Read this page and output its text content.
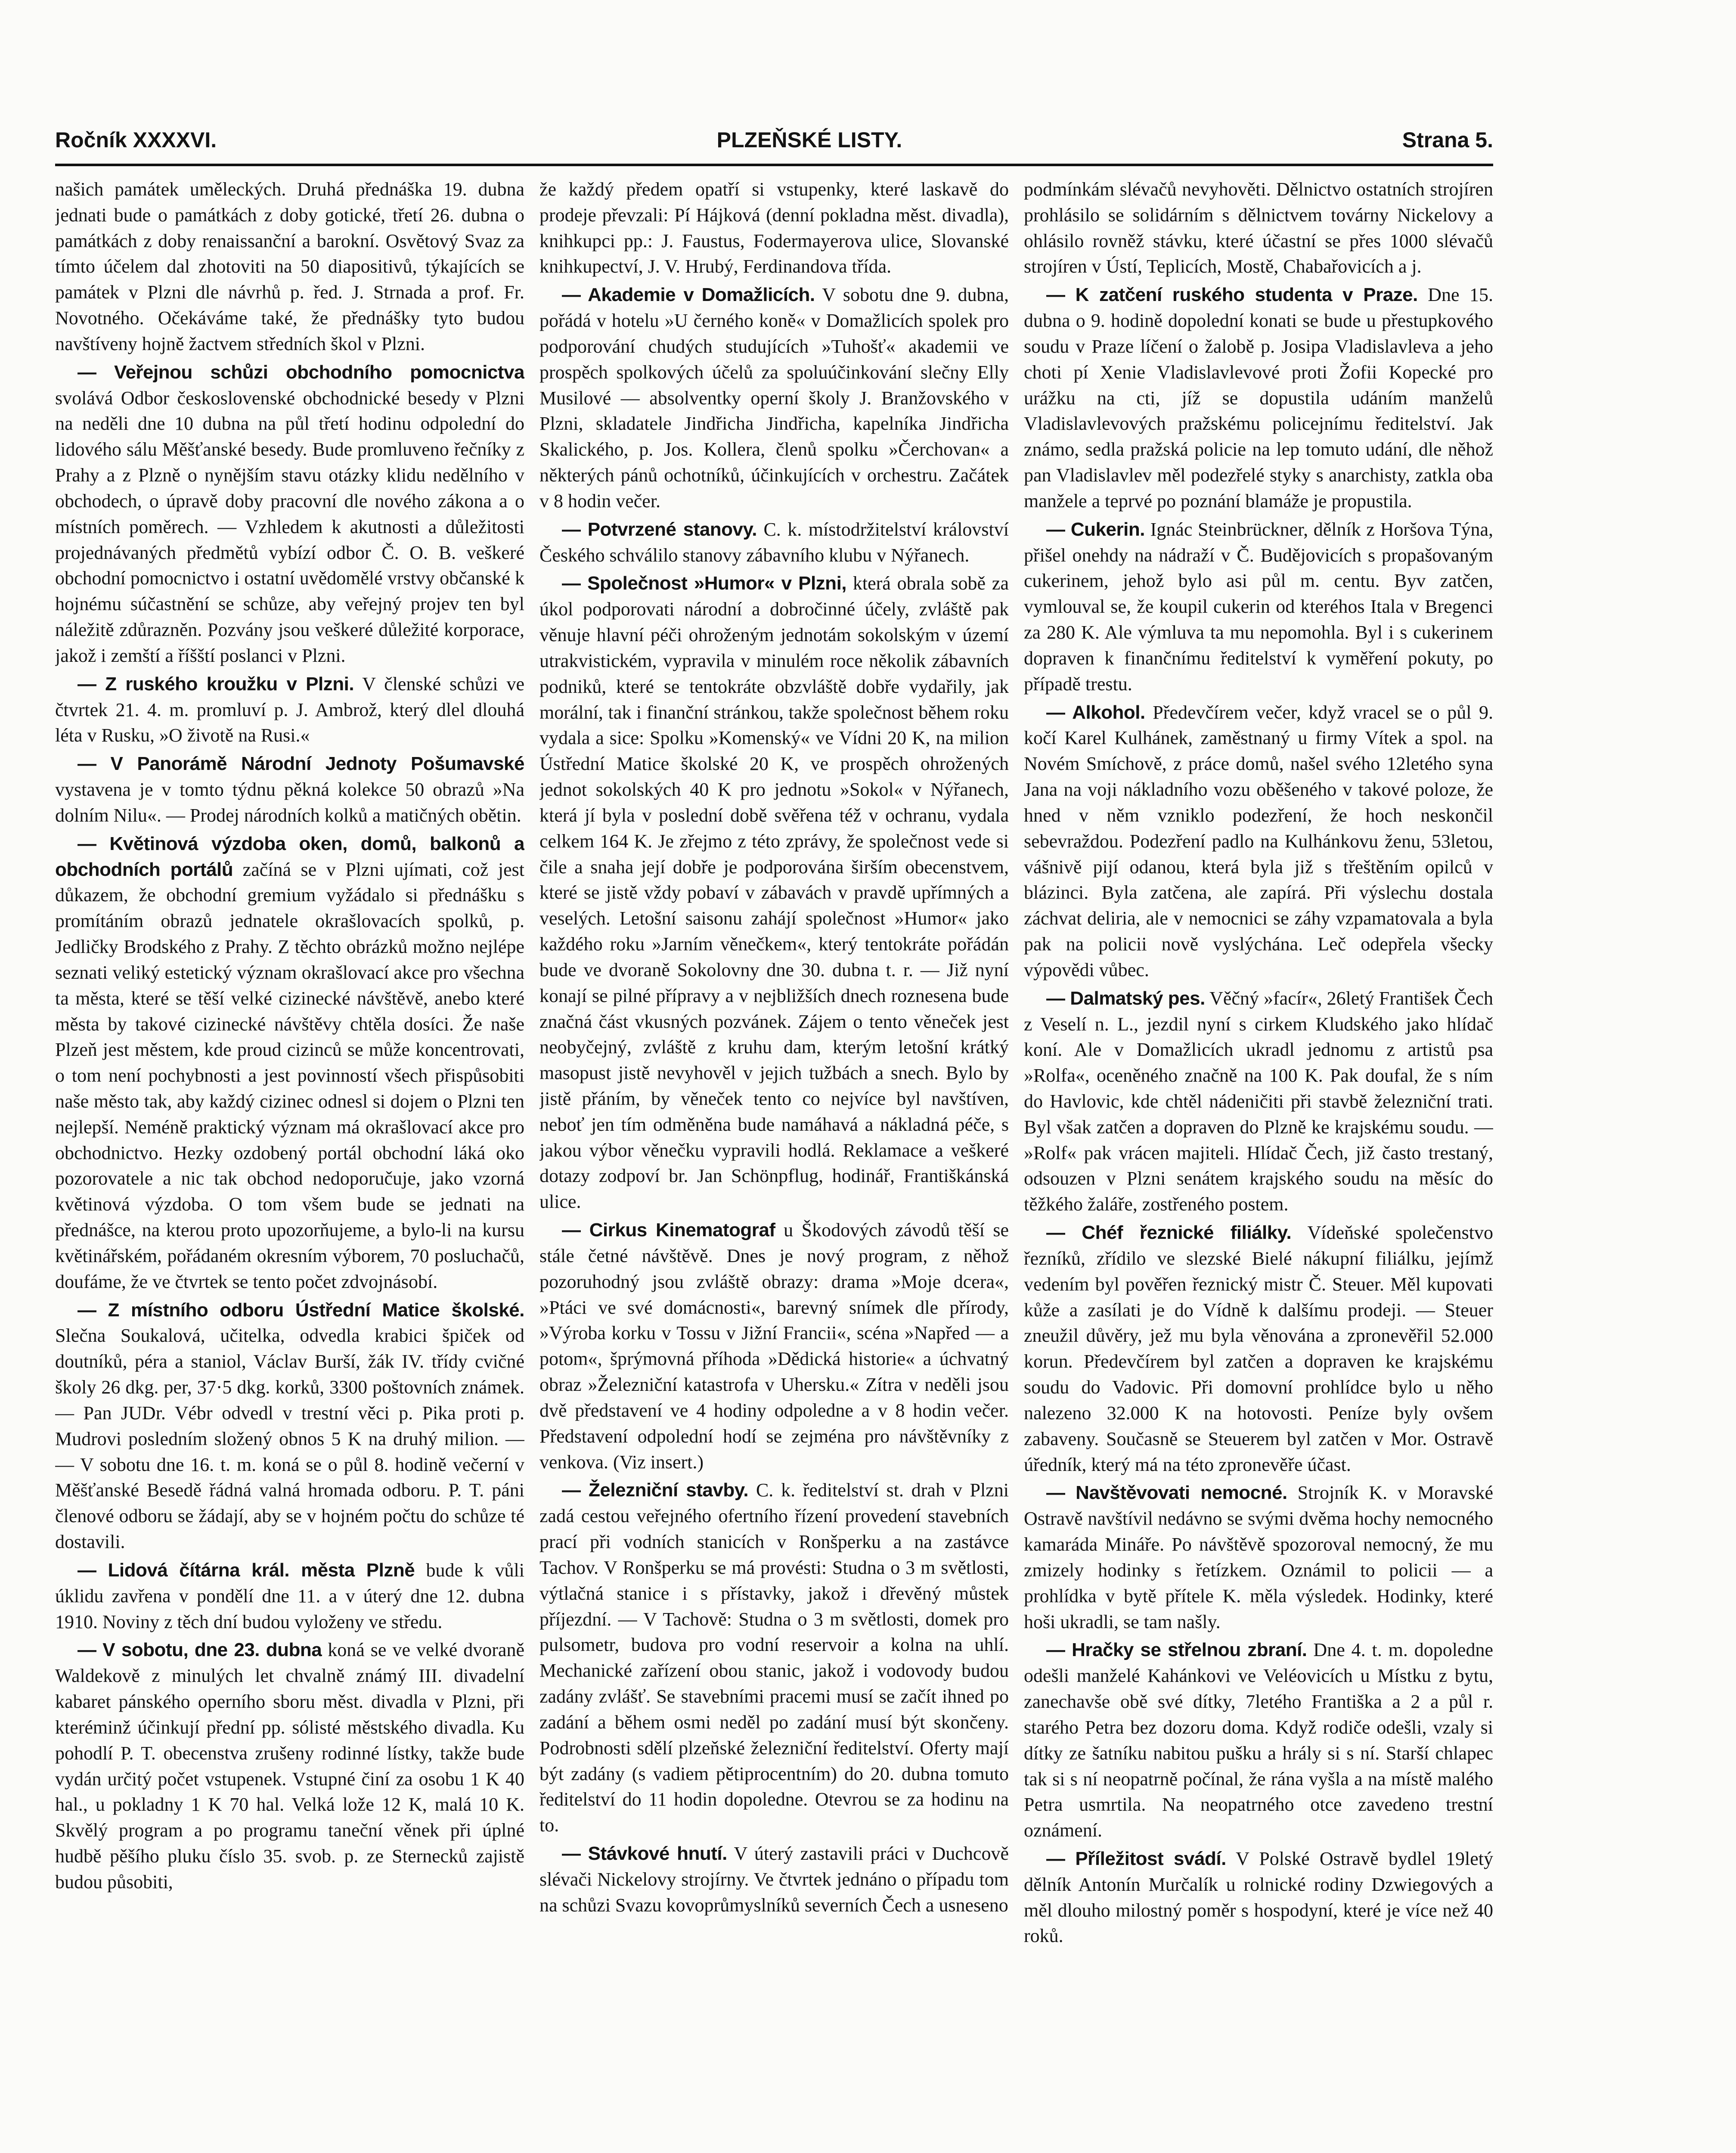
Ročník XXXXVI.	PLZEŇSKÉ LISTY.	Strana 5.

našich památek uměleckých. Druhá přednáška 19. dubna jednati bude o památkách z doby gotické, třetí 26. dubna o památkách z doby renaissanční a barokní. Osvětový Svaz za tímto účelem dal zhotoviti na 50 diapositivů, týkajících se památek v Plzni dle návrhů p. řed. J. Strnada a prof. Fr. Novotného. Očekáváme také, že přednášky tyto budou navštíveny hojně žactvem středních škol v Plzni.

— Veřejnou schůzi obchodního pomocnictva svolává Odbor československé obchodnické besedy v Plzni na neděli dne 10 dubna na půl třetí hodinu odpolední do lidového sálu Měšťanské besedy. Bude promluveno řečníky z Prahy a z Plzně o nynějším stavu otázky klidu nedělního v obchodech, o úpravě doby pracovní dle nového zákona a o místních poměrech. — Vzhledem k akutnosti a důležitosti projednávaných předmětů vybízí odbor Č. O. B. veškeré obchodní pomocnictvo i ostatní uvědomělé vrstvy občanské k hojnému súčastnění se schůze, aby veřejný projev ten byl náležitě zdůrazněn. Pozvány jsou veškeré důležité korporace, jakož i zemští a říšští poslanci v Plzni.

— Z ruského kroužku v Plzni. V členské schůzi ve čtvrtek 21. 4. m. promluví p. J. Ambrož, který dlel dlouhá léta v Rusku, »O životě na Rusi.«

— V Panorámě Národní Jednoty Pošumavské vystavena je v tomto týdnu pěkná kolekce 50 obrazů »Na dolním Nilu«. — Prodej národních kolků a matičných obětin.

— Květinová výzdoba oken, domů, balkonů a obchodních portálů začíná se v Plzni ujímati, což jest důkazem, že obchodní gremium vyžádalo si přednášku s promítáním obrazů jednatele okrašlovacích spolků, p. Jedličky Brodského z Prahy. Z těchto obrázků možno nejlépe seznati veliký estetický význam okrašlovací akce pro všechna ta města, které se těší velké cizinecké návštěvě, anebo které města by takové cizinecké návštěvy chtěla dosíci. Že naše Plzeň jest městem, kde proud cizinců se může koncentrovati, o tom není pochybnosti a jest povinností všech přispůsobiti naše město tak, aby každý cizinec odnesl si dojem o Plzni ten nejlepší. Neméně praktický význam má okrašlovací akce pro obchodnictvo. Hezky ozdobený portál obchodní láká oko pozorovatele a nic tak obchod nedoporučuje, jako vzorná květinová výzdoba. O tom všem bude se jednati na přednášce, na kterou proto upozorňujeme, a bylo-li na kursu květinářském, pořádaném okresním výborem, 70 posluchačů, doufáme, že ve čtvrtek se tento počet zdvojnásobí.

— Z místního odboru Ústřední Matice školské. Slečna Soukalová, učitelka, odvedla krabici špiček od doutníků, péra a staniol, Václav Burší, žák IV. třídy cvičné školy 26 dkg. per, 37·5 dkg. korků, 3300 poštovních známek. — Pan JUDr. Vébr odvedl v trestní věci p. Pika proti p. Mudrovi posledním složený obnos 5 K na druhý milion. — — V sobotu dne 16. t. m. koná se o půl 8. hodině večerní v Měšťanské Besedě řádná valná hromada odboru. P. T. páni členové odboru se žádají, aby se v hojném počtu do schůze té dostavili.

— Lidová čítárna král. města Plzně bude k vůli úklidu zavřena v pondělí dne 11. a v úterý dne 12. dubna 1910. Noviny z těch dní budou vyloženy ve středu.

— V sobotu, dne 23. dubna koná se ve velké dvoraně Waldekově z minulých let chvalně známý III. divadelní kabaret pánského operního sboru měst. divadla v Plzni, při kteréminž účinkují přední pp. sólisté městského divadla. Ku pohodlí P. T. obecenstva zrušeny rodinné lístky, takže bude vydán určitý počet vstupenek. Vstupné činí za osobu 1 K 40 hal., u pokladny 1 K 70 hal. Velká lože 12 K, malá 10 K. Skvělý program a po programu taneční věnek při úplné hudbě pěšího pluku číslo 35. svob. p. ze Sternecků zajistě budou působiti,

že každý předem opatří si vstupenky, které laskavě do prodeje převzali: Pí Hájková (denní pokladna měst. divadla), knihkupci pp.: J. Faustus, Fodermayerova ulice, Slovanské knihkupectví, J. V. Hrubý, Ferdinandova třída.

— Akademie v Domažlicích. V sobotu dne 9. dubna, pořádá v hotelu »U černého koně« v Domažlicích spolek pro podporování chudých studujících »Tuhošť« akademii ve prospěch spolkových účelů za spoluúčinkování slečny Elly Musilové — absolventky operní školy J. Branžovského v Plzni, skladatele Jindřicha Jindřicha, kapelníka Jindřicha Skalického, p. Jos. Kollera, členů spolku »Čerchovan« a některých pánů ochotníků, účinkujících v orchestru. Začátek v 8 hodin večer.

— Potvrzené stanovy. C. k. místodržitelství království Českého schválilo stanovy zábavního klubu v Nýřanech.

— Společnost »Humor« v Plzni, která obrala sobě za úkol podporovati národní a dobročinné účely, zvláště pak věnuje hlavní péči ohroženým jednotám sokolským v území utrakvistickém, vypravila v minulém roce několik zábavních podniků, které se tentokráte obzvláště dobře vydařily, jak morální, tak i finanční stránkou, takže společnost během roku vydala a sice: Spolku »Komenský« ve Vídni 20 K, na milion Ústřední Matice školské 20 K, ve prospěch ohrožených jednot sokolských 40 K pro jednotu »Sokol« v Nýřanech, která jí byla v poslední době svěřena též v ochranu, vydala celkem 164 K. Je zřejmo z této zprávy, že společnost vede si čile a snaha její dobře je podporována širším obecenstvem, které se jistě vždy pobaví v zábavách v pravdě upřímných a veselých. Letošní saisonu zahájí společnost »Humor« jako každého roku »Jarním věnečkem«, který tentokráte pořádán bude ve dvoraně Sokolovny dne 30. dubna t. r. — Již nyní konají se pilné přípravy a v nejbližších dnech roznesena bude značná část vkusných pozvánek. Zájem o tento věneček jest neobyčejný, zvláště z kruhu dam, kterým letošní krátký masopust jistě nevyhověl v jejich tužbách a snech. Bylo by jistě přáním, by věneček tento co nejvíce byl navštíven, neboť jen tím odměněna bude namáhavá a nákladná péče, s jakou výbor věnečku vypravili hodlá. Reklamace a veškeré dotazy zodpoví br. Jan Schönpflug, hodinář, Františkánská ulice.

— Cirkus Kinematograf u Škodových závodů těší se stále četné návštěvě. Dnes je nový program, z něhož pozoruhodný jsou zvláště obrazy: drama »Moje dcera«, »Ptáci ve své domácnosti«, barevný snímek dle přírody, »Výroba korku v Tossu v Jižní Francii«, scéna »Napřed — a potom«, šprýmovná příhoda »Dědická historie« a úchvatný obraz »Železniční katastrofa v Uhersku.« Zítra v neděli jsou dvě představení ve 4 hodiny odpoledne a v 8 hodin večer. Představení odpolední hodí se zejména pro návštěvníky z venkova. (Viz insert.)

— Železniční stavby. C. k. ředitelství st. drah v Plzni zadá cestou veřejného ofertního řízení provedení stavebních prací při vodních stanicích v Ronšperku a na zastávce Tachov. V Ronšperku se má provésti: Studna o 3 m světlosti, výtlačná stanice i s přístavky, jakož i dřevěný můstek příjezdní. — V Tachově: Studna o 3 m světlosti, domek pro pulsometr, budova pro vodní reservoir a kolna na uhlí. Mechanické zařízení obou stanic, jakož i vodovody budou zadány zvlášť. Se stavebními pracemi musí se začít ihned po zadání a během osmi neděl po zadání musí být skončeny. Podrobnosti sdělí plzeňské železniční ředitelství. Oferty mají být zadány (s vadiem pětiprocentním) do 20. dubna tomuto ředitelství do 11 hodin dopoledne. Otevrou se za hodinu na to.

— Stávkové hnutí. V úterý zastavili práci v Duchcově slévači Nickelovy strojírny. Ve čtvrtek jednáno o případu tom na schůzi Svazu kovoprůmyslníků severních Čech a usneseno

podmínkám slévačů nevyhověti. Dělnictvo ostatních strojíren prohlásilo se solidárním s dělnictvem továrny Nickelovy a ohlásilo rovněž stávku, které účastní se přes 1000 slévačů strojíren v Ústí, Teplicích, Mostě, Chabařovicích a j.

— K zatčení ruského studenta v Praze. Dne 15. dubna o 9. hodině dopolední konati se bude u přestupkového soudu v Praze líčení o žalobě p. Josipa Vladislavleva a jeho choti pí Xenie Vladislavlevové proti Žofii Kopecké pro urážku na cti, jíž se dopustila udáním manželů Vladislavlevových pražskému policejnímu ředitelství. Jak známo, sedla pražská policie na lep tomuto udání, dle něhož pan Vladislavlev měl podezřelé styky s anarchisty, zatkla oba manžele a teprvé po poznání blamáže je propustila.

— Cukerin. Ignác Steinbrückner, dělník z Horšova Týna, přišel onehdy na nádraží v Č. Budějovicích s propašovaným cukerinem, jehož bylo asi půl m. centu. Byv zatčen, vymlouval se, že koupil cukerin od kteréhos Itala v Bregenci za 280 K. Ale výmluva ta mu nepomohla. Byl i s cukerinem dopraven k finančnímu ředitelství k vyměření pokuty, po případě trestu.

— Alkohol. Předevčírem večer, když vracel se o půl 9. kočí Karel Kulhánek, zaměstnaný u firmy Vítek a spol. na Novém Smíchově, z práce domů, našel svého 12letého syna Jana na voji nákladního vozu oběšeného v takové poloze, že hned v něm vzniklo podezření, že hoch neskončil sebevraždou. Podezření padlo na Kulhánkovu ženu, 53letou, vášnivě pijí odanou, která byla již s třeštěním opilců v blázinci. Byla zatčena, ale zapírá. Při výslechu dostala záchvat deliria, ale v nemocnici se záhy vzpamatovala a byla pak na policii nově vyslýchána. Leč odepřela všecky výpovědi vůbec.

— Dalmatský pes. Věčný »facír«, 26letý František Čech z Veselí n. L., jezdil nyní s cirkem Kludského jako hlídač koní. Ale v Domažlicích ukradl jednomu z artistů psa »Rolfa«, oceněného značně na 100 K. Pak doufal, že s ním do Havlovic, kde chtěl nádeničiti při stavbě železniční trati. Byl však zatčen a dopraven do Plzně ke krajskému soudu. — »Rolf« pak vrácen majiteli. Hlídač Čech, již často trestaný, odsouzen v Plzni senátem krajského soudu na měsíc do těžkého žaláře, zostřeného postem.

— Chéf řeznické filiálky. Vídeňské společenstvo řezníků, zřídilo ve slezské Bielé nákupní filiálku, jejímž vedením byl pověřen řeznický mistr Č. Steuer. Měl kupovati kůže a zasílati je do Vídně k dalšímu prodeji. — Steuer zneužil důvěry, jež mu byla věnována a zpronevěřil 52.000 korun. Předevčírem byl zatčen a dopraven ke krajskému soudu do Vadovic. Při domovní prohlídce bylo u něho nalezeno 32.000 K na hotovosti. Peníze byly ovšem zabaveny. Současně se Steuerem byl zatčen v Mor. Ostravě úředník, který má na této zpronevěře účast.

— Navštěvovati nemocné. Strojník K. v Moravské Ostravě navštívil nedávno se svými dvěma hochy nemocného kamaráda Mináře. Po návštěvě spozoroval nemocný, že mu zmizely hodinky s řetízkem. Oznámil to policii — a prohlídka v bytě přítele K. měla výsledek. Hodinky, které hoši ukradli, se tam našly.

— Hračky se střelnou zbraní. Dne 4. t. m. dopoledne odešli manželé Kahánkovi ve Veléovicích u Místku z bytu, zanechavše obě své dítky, 7letého Františka a 2 a půl r. starého Petra bez dozoru doma. Když rodiče odešli, vzaly si dítky ze šatníku nabitou pušku a hrály si s ní. Starší chlapec tak si s ní neopatrně počínal, že rána vyšla a na místě malého Petra usmrtila. Na neopatrného otce zavedeno trestní oznámení.

— Příležitost svádí. V Polské Ostravě bydlel 19letý dělník Antonín Murčalík u rolnické rodiny Dzwiegových a měl dlouho milostný poměr s hospodyní, které je více než 40 roků.
